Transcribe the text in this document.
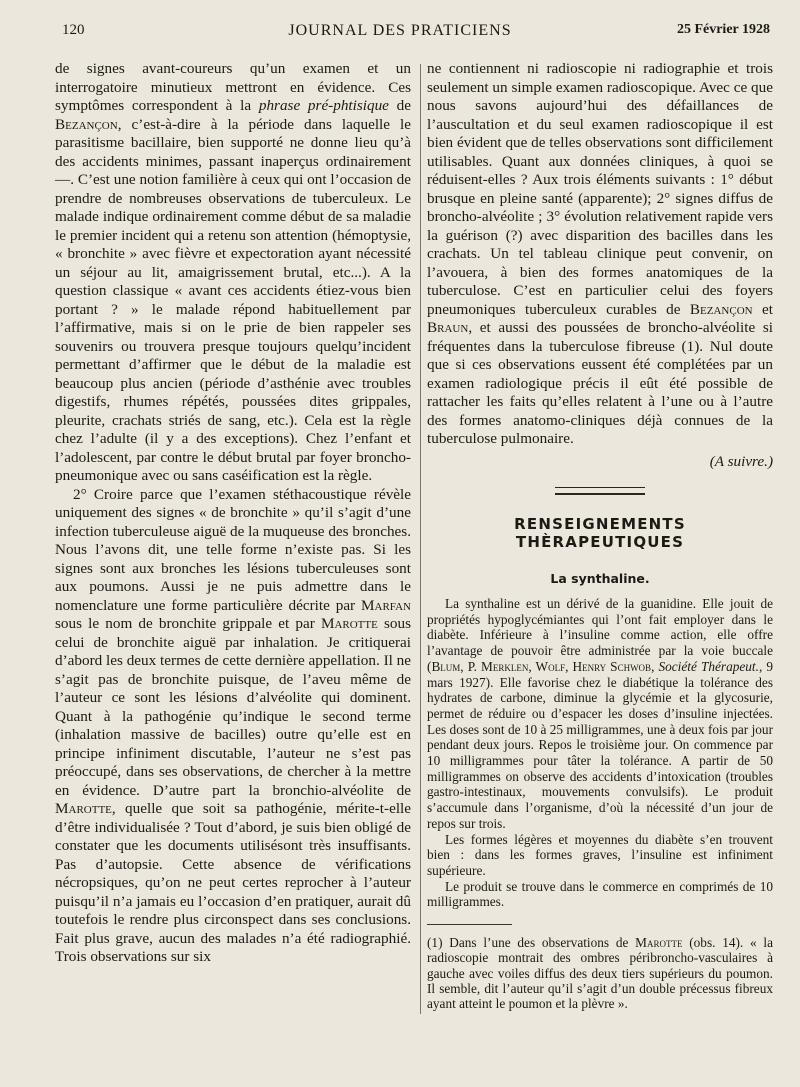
120	JOURNAL DES PRATICIENS	25 Février 1928

de signes avant-coureurs qu’un examen et un interrogatoire minutieux mettront en évidence. Ces symptômes correspondent à la phrase pré-phtisique de Bezançon, c’est-à-dire à la période dans laquelle le parasitisme bacillaire, bien supporté ne donne lieu qu’à des accidents minimes, passant inaperçus ordinairement —. C’est une notion familière à ceux qui ont l’occasion de prendre de nombreuses observations de tuberculeux. Le malade indique ordinairement comme début de sa maladie le premier incident qui a retenu son attention (hémoptysie, « bronchite » avec fièvre et expectoration ayant nécessité un séjour au lit, amaigrissement brutal, etc...). A la question classique « avant ces accidents étiez-vous bien portant ? » le malade répond habituellement par l’affirmative, mais si on le prie de bien rappeler ses souvenirs ou trouvera presque toujours quelqu’incident permettant d’affirmer que le début de la maladie est beaucoup plus ancien (période d’asthénie avec troubles digestifs, rhumes répétés, poussées dites grippales, pleurite, crachats striés de sang, etc.). Cela est la règle chez l’adulte (il y a des exceptions). Chez l’enfant et l’adolescent, par contre le début brutal par foyer broncho-pneumonique avec ou sans caséification est la règle.

2° Croire parce que l’examen stéthacoustique révèle uniquement des signes « de bronchite » qu’il s’agit d’une infection tuberculeuse aiguë de la muqueuse des bronches. Nous l’avons dit, une telle forme n’existe pas. Si les signes sont aux bronches les lésions tuberculeuses sont aux poumons. Aussi je ne puis admettre dans le nomenclature une forme particulière décrite par Marfan sous le nom de bronchite grippale et par Marotte sous celui de bronchite aiguë par inhalation. Je critiquerai d’abord les deux termes de cette dernière appellation. Il ne s’agit pas de bronchite puisque, de l’aveu même de l’auteur ce sont les lésions d’alvéolite qui dominent. Quant à la pathogénie qu’indique le second terme (inhalation massive de bacilles) outre qu’elle est en principe infiniment discutable, l’auteur ne s’est pas préoccupé, dans ses observations, de chercher à la mettre en évidence. D’autre part la bronchio-alvéolite de Marotte, quelle que soit sa pathogénie, mérite-t-elle d’être individualisée ? Tout d’abord, je suis bien obligé de constater que les documents utilisésont très insuffisants. Pas d’autopsie. Cette absence de vérifications nécropsiques, qu’on ne peut certes reprocher à l’auteur puisqu’il n’a jamais eu l’occasion d’en pratiquer, aurait dû toutefois le rendre plus circonspect dans ses conclusions. Fait plus grave, aucun des malades n’a été radiographié. Trois observations sur six

ne contiennent ni radioscopie ni radiographie et trois seulement un simple examen radioscopique. Avec ce que nous savons aujourd’hui des défaillances de l’auscultation et du seul examen radioscopique il est bien évident que de telles observations sont difficilement utilisables. Quant aux données cliniques, à quoi se réduisent-elles ? Aux trois éléments suivants : 1° début brusque en pleine santé (apparente); 2° signes diffus de broncho-alvéolite ; 3° évolution relativement rapide vers la guérison (?) avec disparition des bacilles dans les crachats. Un tel tableau clinique peut convenir, on l’avouera, à bien des formes anatomiques de la tuberculose. C’est en particulier celui des foyers pneumoniques tuberculeux curables de Bezançon et Braun, et aussi des poussées de broncho-alvéolite si fréquentes dans la tuberculose fibreuse (1). Nul doute que si ces observations eussent été complétées par un examen radiologique précis il eût été possible de rattacher les faits qu’elles relatent à l’une ou à l’autre des formes anatomo-cliniques déjà connues de la tuberculose pulmonaire.

(A suivre.)

RENSEIGNEMENTS THÈRAPEUTIQUES
La synthaline.

La synthaline est un dérivé de la guanidine. Elle jouit de propriétés hypoglycémiantes qui l’ont fait employer dans le diabète. Inférieure à l’insuline comme action, elle offre l’avantage de pouvoir être administrée par la voie buccale (Blum, P. Merklen, Wolf, Henry Schwob, Société Thérapeut., 9 mars 1927). Elle favorise chez le diabétique la tolérance des hydrates de carbone, diminue la glycémie et la glycosurie, permet de réduire ou d’espacer les doses d’insuline injectées. Les doses sont de 10 à 25 milligrammes, une à deux fois par jour pendant deux jours. Repos le troisième jour. On commence par 10 milligrammes pour tâter la tolérance. A partir de 50 milligrammes on observe des accidents d’intoxication (troubles gastro-intestinaux, mouvements convulsifs). Le produit s’accumule dans l’organisme, d’où la nécessité d’un jour de repos sur trois.

Les formes légères et moyennes du diabète s’en trouvent bien : dans les formes graves, l’insuline est infiniment supérieure.

Le produit se trouve dans le commerce en comprimés de 10 milligrammes.

(1) Dans l’une des observations de Marotte (obs. 14). « la radioscopie montrait des ombres péribroncho-vasculaires à gauche avec voiles diffus des deux tiers supérieurs du poumon. Il semble, dit l’auteur qu’il s’agit d’un double précessus fibreux ayant atteint le poumon et la plèvre ».
